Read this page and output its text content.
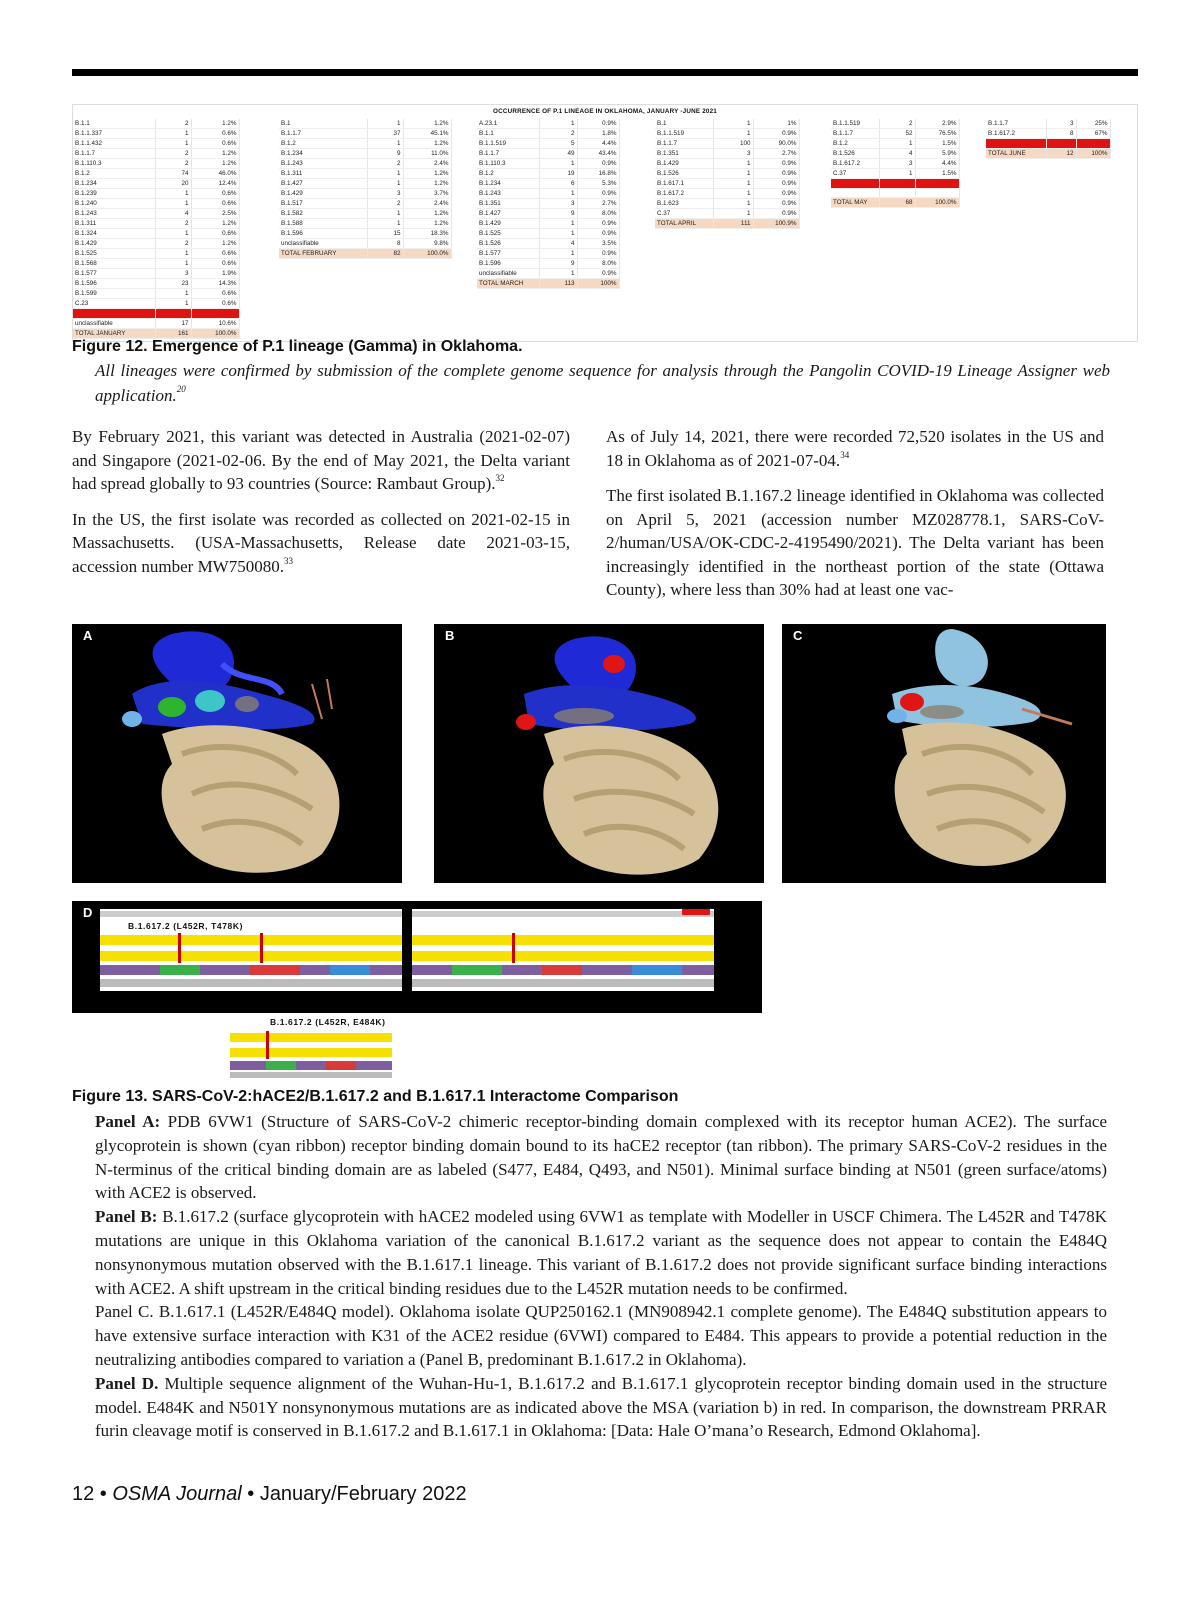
OCCURRENCE OF P.1 LINEAGE IN OKLAHOMA, JANUARY -JUNE 2021
B.1.1	2	1.2%
B.1.1.337	1	0.6%
B.1.1.432	1	0.6%
B.1.1.7	2	1.2%
B.1.110.3	2	1.2%
B.1.2	74	46.0%
B.1.234	20	12.4%
B.1.239	1	0.6%
B.1.240	1	0.6%
B.1.243	4	2.5%
B.1.311	2	1.2%
B.1.324	1	0.6%
B.1.429	2	1.2%
B.1.525	1	0.6%
B.1.568	1	0.6%
B.1.577	3	1.9%
B.1.596	23	14.3%
B.1.599	1	0.6%
C.23	1	0.6%
P.1	1	0.6%
unclassifiable	17	10.6%
TOTAL JANUARY	161	100.0%
B.1	1	1.2%
B.1.1.7	37	45.1%
B.1.2	1	1.2%
B.1.234	9	11.0%
B.1.243	2	2.4%
B.1.311	1	1.2%
B.1.427	1	1.2%
B.1.429	3	3.7%
B.1.517	2	2.4%
B.1.582	1	1.2%
B.1.588	1	1.2%
B.1.596	15	18.3%
unclassifiable	8	9.8%
TOTAL FEBRUARY	82	100.0%
A.23.1	1	0.9%
B.1.1	2	1.8%
B.1.1.519	5	4.4%
B.1.1.7	49	43.4%
B.1.110.3	1	0.9%
B.1.2	19	16.8%
B.1.234	6	5.3%
B.1.243	1	0.9%
B.1.351	3	2.7%
B.1.427	9	8.0%
B.1.429	1	0.9%
B.1.525	1	0.9%
B.1.526	4	3.5%
B.1.577	1	0.9%
B.1.596	9	8.0%
unclassifiable	1	0.9%
TOTAL MARCH	113	100%
B.1	1	1%
B.1.1.519	1	0.9%
B.1.1.7	100	90.0%
B.1.351	3	2.7%
B.1.429	1	0.9%
B.1.526	1	0.9%
B.1.617.1	1	0.9%
B.1.617.2	1	0.9%
B.1.623	1	0.9%
C.37	1	0.9%
TOTAL APRIL	111	100.9%
B.1.1.519	2	2.9%
B.1.1.7	52	76.5%
B.1.2	1	1.5%
B.1.526	4	5.9%
B.1.617.2	3	4.4%
C.37	1	1.5%
P.1	5	7.4%

TOTAL MAY	68	100.0%
B.1.1.7	3	25%
B.1.617.2	8	67%
P.1	1	8%
TOTAL JUNE	12	100%
Figure 12. Emergence of P.1 lineage (Gamma) in Oklahoma.
All lineages were confirmed by submission of the complete genome sequence for analysis through the Pangolin COVID-19 Lineage Assigner web application.$^{20}$

By February 2021, this variant was detected in Australia (2021-02-07) and Singapore (2021-02-06. By the end of May 2021, the Delta variant had spread globally to 93 countries (Source: Rambaut Group).$^{32}$

In the US, the first isolate was recorded as collected on 2021-02-15 in Massachusetts. (USA-Massachusetts, Release date 2021-03-15, accession number MW750080.33

As of July 14, 2021, there were recorded 72,520 isolates in the US and 18 in Oklahoma as of 2021-07-04.34

The first isolated B.1.167.2 lineage identified in Oklahoma was collected on April 5, 2021 (accession number MZ028778.1, SARS-CoV-2/human/USA/OK-CDC-2-4195490/2021). The Delta variant has been increasingly identified in the northeast portion of the state (Ottawa County), where less than 30% had at least one vac-

A	B	C
D
B.1.617.2 (L452R, T478K)
B.1.617.2 (L452R, E484K)
Figure 13. SARS-CoV-2:hACE2/B.1.617.2 and B.1.617.1 Interactome Comparison
Panel A: PDB 6VW1 (Structure of SARS-CoV-2 chimeric receptor-binding domain complexed with its receptor human ACE2). The surface glycoprotein is shown (cyan ribbon) receptor binding domain bound to its haCE2 receptor (tan ribbon). The primary SARS-CoV-2 residues in the N-terminus of the critical binding domain are as labeled (S477, E484, Q493, and N501). Minimal surface binding at N501 (green surface/atoms) with ACE2 is observed.
Panel B: B.1.617.2 (surface glycoprotein with hACE2 modeled using 6VW1 as template with Modeller in USCF Chimera. The L452R and T478K mutations are unique in this Oklahoma variation of the canonical B.1.617.2 variant as the sequence does not appear to contain the E484Q nonsynonymous mutation observed with the B.1.617.1 lineage. This variant of B.1.617.2 does not provide significant surface binding interactions with ACE2. A shift upstream in the critical binding residues due to the L452R mutation needs to be confirmed.
Panel C. B.1.617.1 (L452R/E484Q model). Oklahoma isolate QUP250162.1 (MN908942.1 complete genome). The E484Q substitution appears to have extensive surface interaction with K31 of the ACE2 residue (6VWI) compared to E484. This appears to provide a potential reduction in the neutralizing antibodies compared to variation a (Panel B, predominant B.1.617.2 in Oklahoma).
Panel D. Multiple sequence alignment of the Wuhan-Hu-1, B.1.617.2 and B.1.617.1 glycoprotein receptor binding domain used in the structure model. E484K and N501Y nonsynonymous mutations are as indicated above the MSA (variation b) in red. In comparison, the downstream PRRAR furin cleavage motif is conserved in B.1.617.2 and B.1.617.1 in Oklahoma: [Data: Hale O’mana’o Research, Edmond Oklahoma].
12 • OSMA Journal • January/February 2022
